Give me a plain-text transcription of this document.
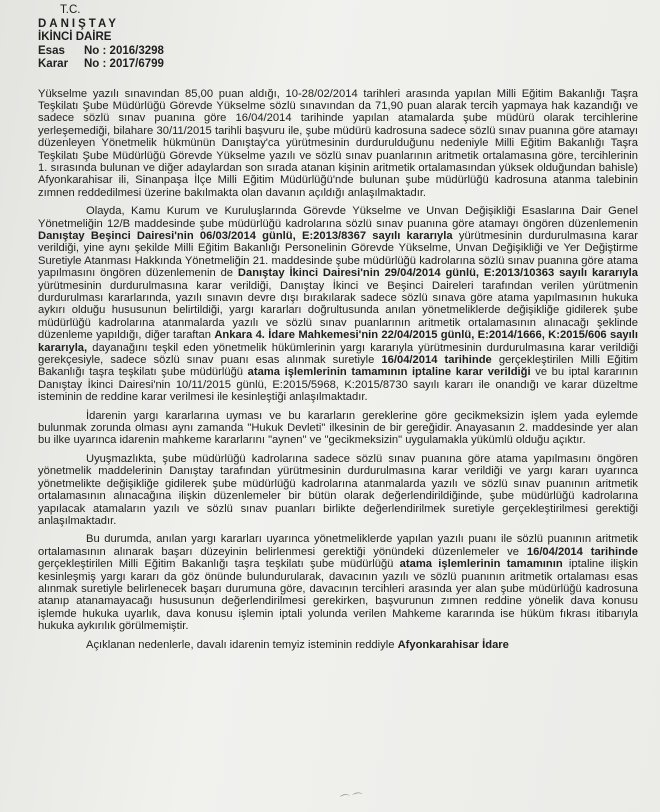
T.C.
DANIŞTAY
İKİNCİ DAİRE
Esas No : 2016/3298
Karar No : 2017/6799

Yükselme yazılı sınavından 85,00 puan aldığı, 10-28/02/2014 tarihleri arasında yapılan Milli Eğitim Bakanlığı Taşra Teşkilatı Şube Müdürlüğü Görevde Yükselme sözlü sınavından da 71,90 puan alarak tercih yapmaya hak kazandığı ve sadece sözlü sınav puanına göre 16/04/2014 tarihinde yapılan atamalarda şube müdürü olarak tercihlerine yerleşemediği, bilahare 30/11/2015 tarihli başvuru ile, şube müdürü kadrosuna sadece sözlü sınav puanına göre atamayı düzenleyen Yönetmelik hükmünün Danıştay'ca yürütmesinin durdurulduğunu nedeniyle Milli Eğitim Bakanlığı Taşra Teşkilatı Şube Müdürlüğü Görevde Yükselme yazılı ve sözlü sınav puanlarının aritmetik ortalamasına göre, tercihlerinin 1. sırasında bulunan ve diğer adaylardan son sırada atanan kişinin aritmetik ortalamasından yüksek olduğundan bahisle) Afyonkarahisar ili, Sinanpaşa İlçe Milli Eğitim Müdürlüğü'nde bulunan şube müdürlüğü kadrosuna atanma talebinin zımnen reddedilmesi üzerine bakılmakta olan davanın açıldığı anlaşılmaktadır.

Olayda, Kamu Kurum ve Kuruluşlarında Görevde Yükselme ve Unvan Değişikliği Esaslarına Dair Genel Yönetmeliğin 12/B maddesinde şube müdürlüğü kadrolarına sözlü sınav puanına göre atamayı öngören düzenlemenin Danıştay Beşinci Dairesi'nin 06/03/2014 günlü, E:2013/8367 sayılı kararıyla yürütmesinin durdurulmasına karar verildiği, yine aynı şekilde Milli Eğitim Bakanlığı Personelinin Görevde Yükselme, Unvan Değişikliği ve Yer Değiştirme Suretiyle Atanması Hakkında Yönetmeliğin 21. maddesinde şube müdürlüğü kadrolarına sözlü sınav puanına göre atama yapılmasını öngören düzenlemenin de Danıştay İkinci Dairesi'nin 29/04/2014 günlü, E:2013/10363 sayılı kararıyla yürütmesinin durdurulmasına karar verildiği, Danıştay İkinci ve Beşinci Daireleri tarafından verilen yürütmenin durdurulması kararlarında, yazılı sınavın devre dışı bırakılarak sadece sözlü sınava göre atama yapılmasının hukuka aykırı olduğu hususunun belirtildiği, yargı kararları doğrultusunda anılan yönetmeliklerde değişikliğe gidilerek şube müdürlüğü kadrolarına atanmalarda yazılı ve sözlü sınav puanlarının aritmetik ortalamasının alınacağı şeklinde düzenleme yapıldığı, diğer taraftan Ankara 4. İdare Mahkemesi'nin 22/04/2015 günlü, E:2014/1666, K:2015/606 sayılı kararıyla, dayanağını teşkil eden yönetmelik hükümlerinin yargı kararıyla yürütmesinin durdurulmasına karar verildiği gerekçesiyle, sadece sözlü sınav puanı esas alınmak suretiyle 16/04/2014 tarihinde gerçekleştirilen Milli Eğitim Bakanlığı taşra teşkilatı şube müdürlüğü atama işlemlerinin tamamının iptaline karar verildiği ve bu iptal kararının Danıştay İkinci Dairesi'nin 10/11/2015 günlü, E:2015/5968, K:2015/8730 sayılı kararı ile onandığı ve karar düzeltme isteminin de reddine karar verilmesi ile kesinleştiği anlaşılmaktadır.

İdarenin yargı kararlarına uyması ve bu kararların gereklerine göre gecikmeksizin işlem yada eylemde bulunmak zorunda olması aynı zamanda "Hukuk Devleti" ilkesinin de bir gereğidir. Anayasanın 2. maddesinde yer alan bu ilke uyarınca idarenin mahkeme kararlarını "aynen" ve "gecikmeksizin" uygulamakla yükümlü olduğu açıktır.

Uyuşmazlıkta, şube müdürlüğü kadrolarına sadece sözlü sınav puanına göre atama yapılmasını öngören yönetmelik maddelerinin Danıştay tarafından yürütmesinin durdurulmasına karar verildiği ve yargı kararı uyarınca yönetmelikte değişikliğe gidilerek şube müdürlüğü kadrolarına atanmalarda yazılı ve sözlü sınav puanının aritmetik ortalamasının alınacağına ilişkin düzenlemeler bir bütün olarak değerlendirildiğinde, şube müdürlüğü kadrolarına yapılacak atamaların yazılı ve sözlü sınav puanları birlikte değerlendirilmek suretiyle gerçekleştirilmesi gerektiği anlaşılmaktadır.

Bu durumda, anılan yargı kararları uyarınca yönetmeliklerde yapılan yazılı puanı ile sözlü puanının aritmetik ortalamasının alınarak başarı düzeyinin belirlenmesi gerektiği yönündeki düzenlemeler ve 16/04/2014 tarihinde gerçekleştirilen Milli Eğitim Bakanlığı taşra teşkilatı şube müdürlüğü atama işlemlerinin tamamının iptaline ilişkin kesinleşmiş yargı kararı da göz önünde bulundurularak, davacının yazılı ve sözlü puanının aritmetik ortalaması esas alınmak suretiyle belirlenecek başarı durumuna göre, davacının tercihleri arasında yer alan şube müdürlüğü kadrosuna atanıp atanamayacağı hususunun değerlendirilmesi gerekirken, başvurunun zımnen reddine yönelik dava konusu işlemde hukuka uyarlık, dava konusu işlemin iptali yolunda verilen Mahkeme kararında ise hüküm fıkrası itibarıyla hukuka aykırılık görülmemiştir.

Açıklanan nedenlerle, davalı idarenin temyiz isteminin reddiyle Afyonkarahisar İdare

⌒ ⌒
